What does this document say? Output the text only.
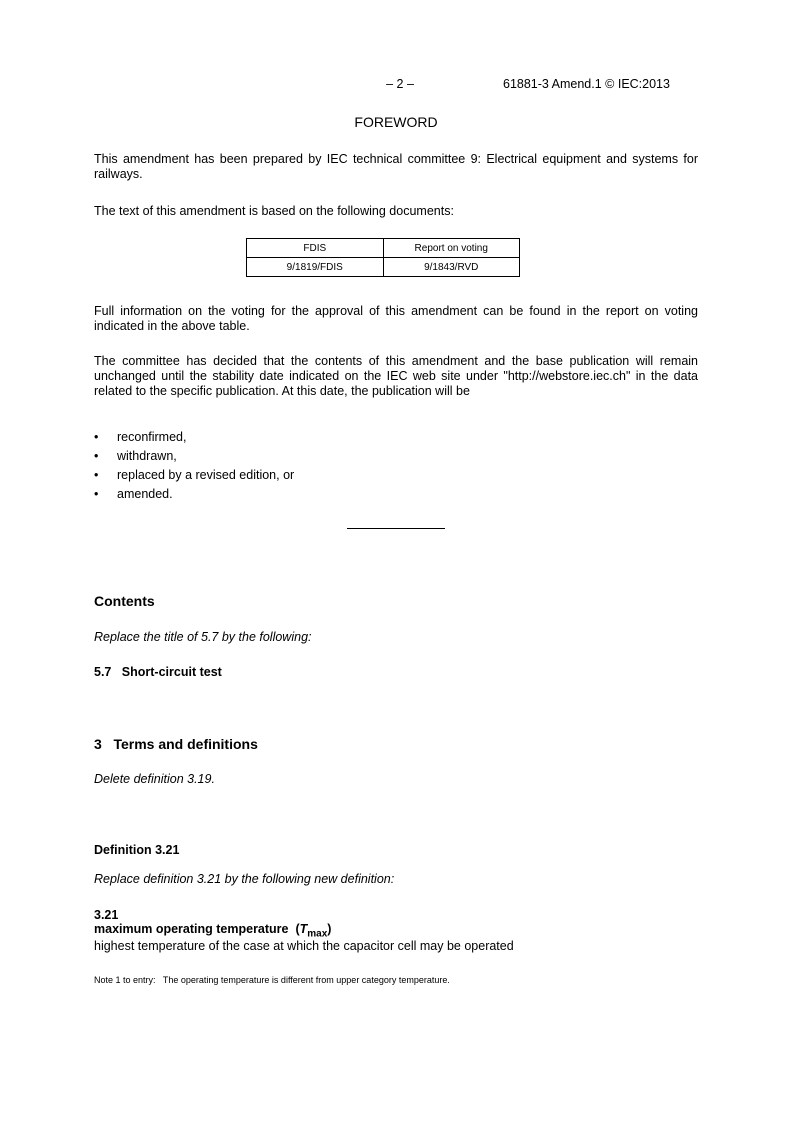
– 2 –	61881-3 Amend.1 © IEC:2013
FOREWORD
This amendment has been prepared by IEC technical committee 9: Electrical equipment and systems for railways.
The text of this amendment is based on the following documents:
FDIS	Report on voting
9/1819/FDIS	9/1843/RVD
Full information on the voting for the approval of this amendment can be found in the report on voting indicated in the above table.
The committee has decided that the contents of this amendment and the base publication will remain unchanged until the stability date indicated on the IEC web site under "http://webstore.iec.ch" in the data related to the specific publication. At this date, the publication will be
• reconfirmed,
• withdrawn,
• replaced by a revised edition, or
• amended.
Contents
Replace the title of 5.7 by the following:
5.7   Short-circuit test
3   Terms and definitions
Delete definition 3.19.
Definition 3.21
Replace definition 3.21 by the following new definition:
3.21
maximum operating temperature $(T_{max})$
highest temperature of the case at which the capacitor cell may be operated
Note 1 to entry:   The operating temperature is different from upper category temperature.
